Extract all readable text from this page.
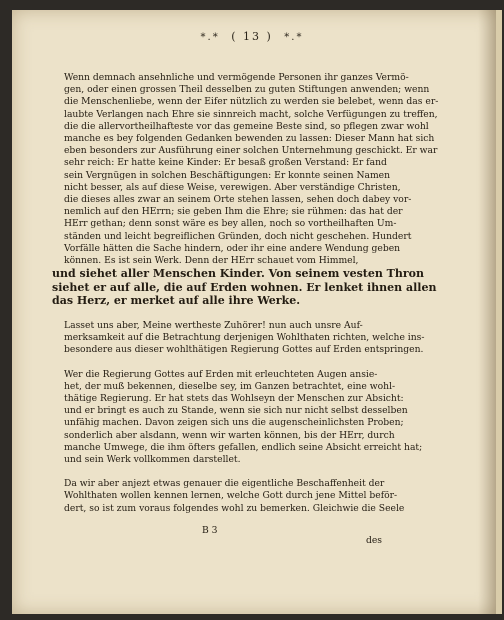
*.* ( 13 ) *.*

Wenn demnach ansehnliche und vermögende Personen ihr ganzes Vermö-
gen, oder einen grossen Theil desselben zu guten Stiftungen anwenden; wenn
die Menschenliebe, wenn der Eifer nützlich zu werden sie belebet, wenn das er-
laubte Verlangen nach Ehre sie sinnreich macht, solche Verfügungen zu treffen,
die die allervortheilhafteste vor das gemeine Beste sind, so pflegen zwar wohl
manche es bey folgenden Gedanken bewenden zu lassen: Dieser Mann hat sich
eben besonders zur Ausführung einer solchen Unternehmung geschickt. Er war
sehr reich: Er hatte keine Kinder: Er besaß großen Verstand: Er fand
sein Vergnügen in solchen Beschäftigungen: Er konnte seinen Namen
nicht besser, als auf diese Weise, verewigen. Aber verständige Christen,
die dieses alles zwar an seinem Orte stehen lassen, sehen doch dabey vor-
nemlich auf den HErrn; sie geben Ihm die Ehre; sie rühmen: das hat der
HErr gethan; denn sonst wäre es bey allen, noch so vortheilhaften Um-
ständen und leicht begreiflichen Gründen, doch nicht geschehen. Hundert
Vorfälle hätten die Sache hindern, oder ihr eine andere Wendung geben
können. Es ist sein Werk. Denn der HErr schauet vom Himmel,

und siehet aller Menschen Kinder. Von seinem vesten Thron
siehet er auf alle, die auf Erden wohnen. Er lenket ihnen allen
das Herz, er merket auf alle ihre Werke.

Lasset uns aber, Meine wertheste Zuhörer! nun auch unsre Auf-
merksamkeit auf die Betrachtung derjenigen Wohlthaten richten, welche ins-
besondere aus dieser wohlthätigen Regierung Gottes auf Erden entspringen.

Wer die Regierung Gottes auf Erden mit erleuchteten Augen ansie-
het, der muß bekennen, dieselbe sey, im Ganzen betrachtet, eine wohl-
thätige Regierung. Er hat stets das Wohlseyn der Menschen zur Absicht:
und er bringt es auch zu Stande, wenn sie sich nur nicht selbst desselben
unfähig machen. Davon zeigen sich uns die augenscheinlichsten Proben;
sonderlich aber alsdann, wenn wir warten können, bis der HErr, durch
manche Umwege, die ihm öfters gefallen, endlich seine Absicht erreicht hat;
und sein Werk vollkommen darstellet.

Da wir aber anjezt etwas genauer die eigentliche Beschaffenheit der
Wohlthaten wollen kennen lernen, welche Gott durch jene Mittel beför-
dert, so ist zum voraus folgendes wohl zu bemerken. Gleichwie die Seele

B 3
des
